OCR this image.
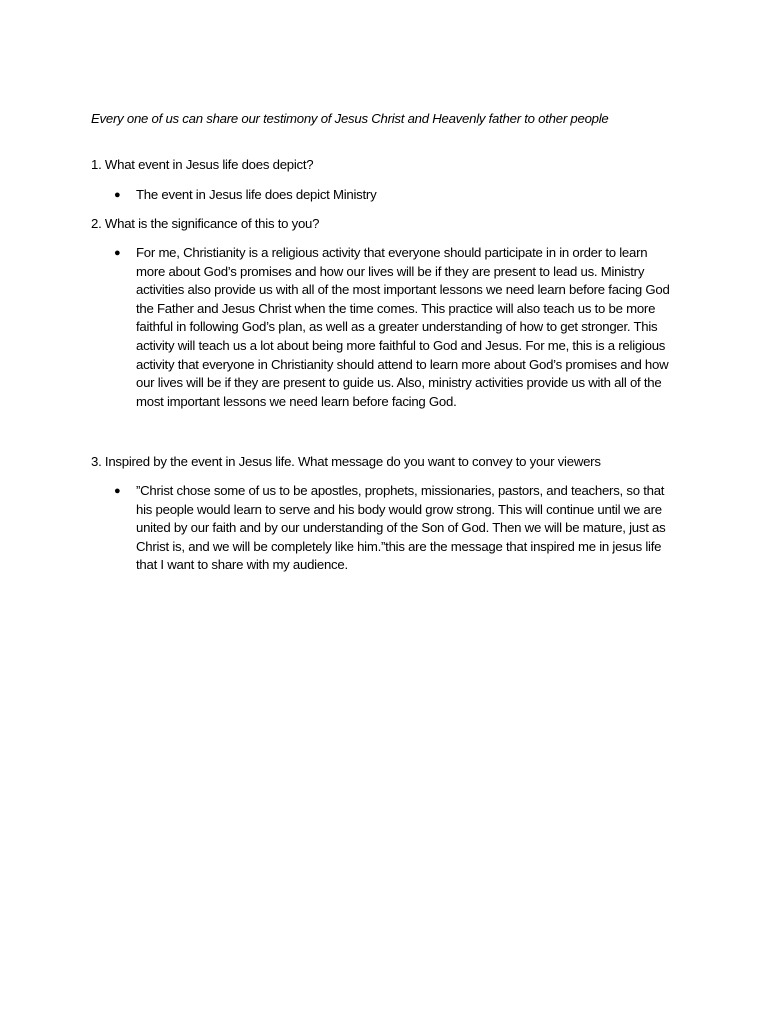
Every one of us can share our testimony of Jesus Christ and Heavenly father to other people
1. What event in Jesus life does depict?
● The event in Jesus life does depict Ministry
2. What is the significance of this to you?
● For me, Christianity is a religious activity that everyone should participate in in order to learn
more about God’s promises and how our lives will be if they are present to lead us. Ministry
activities also provide us with all of the most important lessons we need learn before facing God
the Father and Jesus Christ when the time comes. This practice will also teach us to be more
faithful in following God’s plan, as well as a greater understanding of how to get stronger. This
activity will teach us a lot about being more faithful to God and Jesus. For me, this is a religious
activity that everyone in Christianity should attend to learn more about God’s promises and how
our lives will be if they are present to guide us. Also, ministry activities provide us with all of the
most important lessons we need learn before facing God.
3. Inspired by the event in Jesus life. What message do you want to convey to your viewers
● ”Christ chose some of us to be apostles, prophets, missionaries, pastors, and teachers, so that
his people would learn to serve and his body would grow strong. This will continue until we are
united by our faith and by our understanding of the Son of God. Then we will be mature, just as
Christ is, and we will be completely like him.”this are the message that inspired me in jesus life
that I want to share with my audience.
